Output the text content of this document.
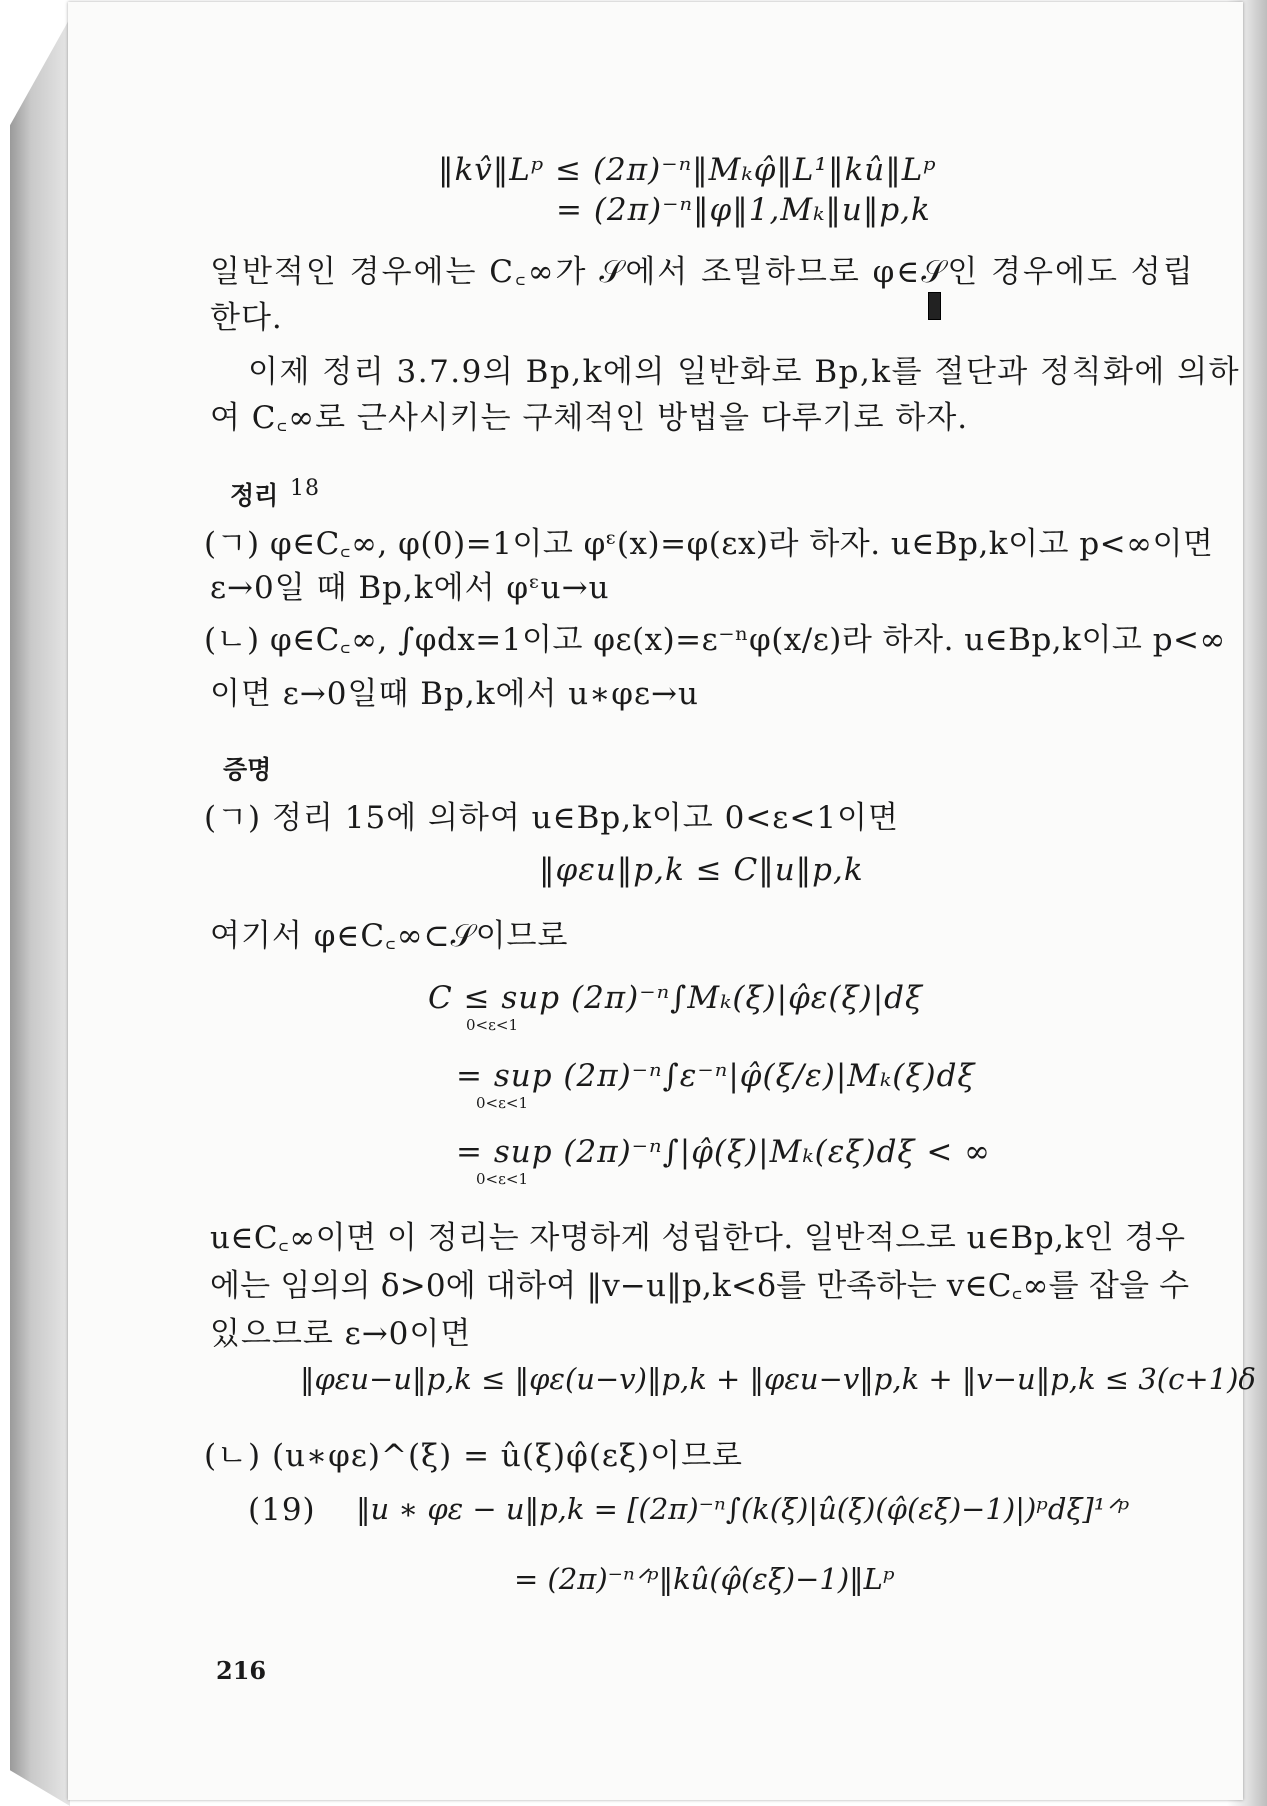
‖kv̂‖Lᵖ ≤ (2π)⁻ⁿ‖Mₖφ̂‖L¹‖kû‖Lᵖ
= (2π)⁻ⁿ‖φ‖1,Mₖ‖u‖p,k
일반적인 경우에는 C꜀∞가 𝒮에서 조밀하므로 φ∈𝒮인 경우에도 성립
한다.
이제 정리 3.7.9의 Bp,k에의 일반화로 Bp,k를 절단과 정칙화에 의하
여 C꜀∞로 근사시키는 구체적인 방법을 다루기로 하자.
정리 18
(ㄱ) φ∈C꜀∞, φ(0)=1이고 φᵋ(x)=φ(εx)라 하자. u∈Bp,k이고 p<∞이면
ε→0일 때 Bp,k에서 φᵋu→u
(ㄴ) φ∈C꜀∞, ∫φdx=1이고 φε(x)=ε⁻ⁿφ(x/ε)라 하자. u∈Bp,k이고 p<∞
이면 ε→0일때 Bp,k에서 u∗φε→u
증명
(ㄱ) 정리 15에 의하여 u∈Bp,k이고 0<ε<1이면
‖φεu‖p,k ≤ C‖u‖p,k
여기서 φ∈C꜀∞⊂𝒮이므로
C ≤ sup (2π)⁻ⁿ∫Mₖ(ξ)|φ̂ε(ξ)|dξ
0<ε<1
= sup (2π)⁻ⁿ∫ε⁻ⁿ|φ̂(ξ/ε)|Mₖ(ξ)dξ
0<ε<1
= sup (2π)⁻ⁿ∫|φ̂(ξ)|Mₖ(εξ)dξ < ∞
0<ε<1
u∈C꜀∞이면 이 정리는 자명하게 성립한다. 일반적으로 u∈Bp,k인 경우
에는 임의의 δ>0에 대하여 ‖v−u‖p,k<δ를 만족하는 v∈C꜀∞를 잡을 수
있으므로 ε→0이면
‖φεu−u‖p,k ≤ ‖φε(u−v)‖p,k + ‖φεu−v‖p,k + ‖v−u‖p,k ≤ 3(c+1)δ
(ㄴ) (u∗φε)^(ξ) = û(ξ)φ̂(εξ)이므로
(19) ‖u ∗ φε − u‖p,k = [(2π)⁻ⁿ∫(k(ξ)|û(ξ)(φ̂(εξ)−1)|)ᵖdξ]¹ᐟᵖ
= (2π)⁻ⁿᐟᵖ‖kû(φ̂(εξ)−1)‖Lᵖ
216
